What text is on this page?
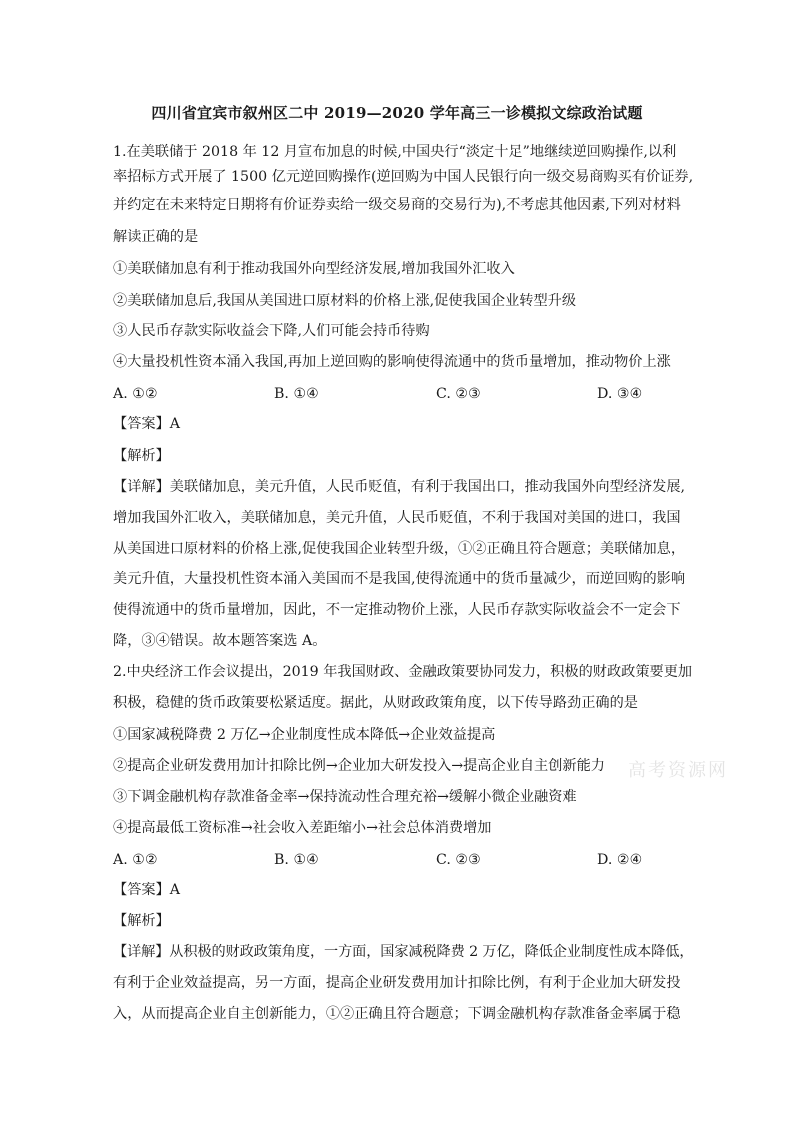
四川省宜宾市叙州区二中 2019—2020 学年高三一诊模拟文综政治试题
1.在美联储于 2018 年 12 月宣布加息的时候,中国央行“淡定十足”地继续逆回购操作,以利
率招标方式开展了 1500 亿元逆回购操作(逆回购为中国人民银行向一级交易商购买有价证券,
并约定在未来特定日期将有价证券卖给一级交易商的交易行为),不考虑其他因素,下列对材料
解读正确的是
①美联储加息有利于推动我国外向型经济发展,增加我国外汇收入
②美联储加息后,我国从美国进口原材料的价格上涨,促使我国企业转型升级
③人民币存款实际收益会下降,人们可能会持币待购
④大量投机性资本涌入我国,再加上逆回购的影响使得流通中的货币量增加，推动物价上涨
A. ①②	B. ①④	C. ②③	D. ③④
【答案】A
【解析】
【详解】美联储加息，美元升值，人民币贬值，有利于我国出口，推动我国外向型经济发展,
增加我国外汇收入，美联储加息，美元升值，人民币贬值，不利于我国对美国的进口，我国
从美国进口原材料的价格上涨,促使我国企业转型升级，①②正确且符合题意；美联储加息，
美元升值，大量投机性资本涌入美国而不是我国,使得流通中的货币量减少，而逆回购的影响
使得流通中的货币量增加，因此，不一定推动物价上涨，人民币存款实际收益会不一定会下
降，③④错误。故本题答案选 A。
2.中央经济工作会议提出，2019 年我国财政、金融政策要协同发力，积极的财政政策要更加
积极，稳健的货币政策要松紧适度。据此，从财政政策角度，以下传导路劲正确的是
①国家减税降费 2 万亿→企业制度性成本降低→企业效益提高
②提高企业研发费用加计扣除比例→企业加大研发投入→提高企业自主创新能力
③下调金融机构存款准备金率→保持流动性合理充裕→缓解小微企业融资难
④提高最低工资标准→社会收入差距缩小→社会总体消费增加
A. ①②	B. ①④	C. ②③	D. ②④
【答案】A
【解析】
【详解】从积极的财政政策角度，一方面，国家减税降费 2 万亿，降低企业制度性成本降低，
有利于企业效益提高，另一方面，提高企业研发费用加计扣除比例，有利于企业加大研发投
入，从而提高企业自主创新能力，①②正确且符合题意；下调金融机构存款准备金率属于稳
高考资源网
